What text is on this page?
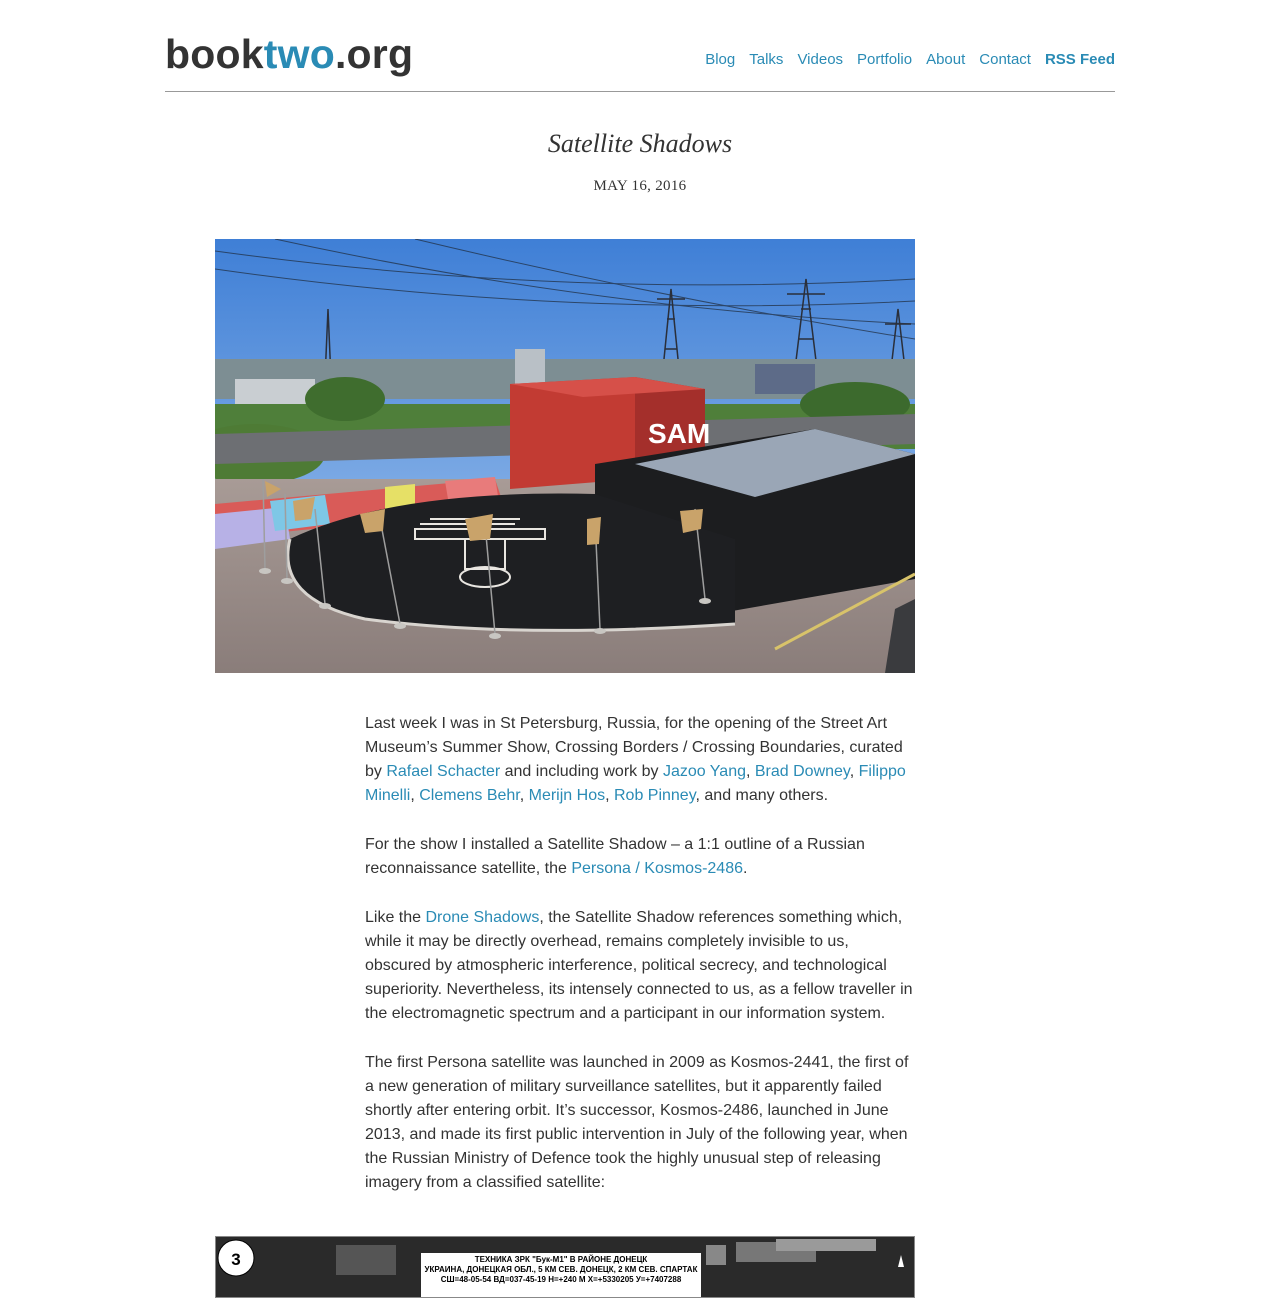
booktwo.org	Blog Talks Videos Portfolio About Contact RSS Feed
Satellite Shadows
MAY 16, 2016
SAM

Last week I was in St Petersburg, Russia, for the opening of the Street Art Museum’s Summer Show, Crossing Borders / Crossing Boundaries, curated by Rafael Schacter and including work by Jazoo Yang, Brad Downey, Filippo Minelli, Clemens Behr, Merijn Hos, Rob Pinney, and many others.

For the show I installed a Satellite Shadow – a 1:1 outline of a Russian reconnaissance satellite, the Persona / Kosmos-2486.

Like the Drone Shadows, the Satellite Shadow references something which, while it may be directly overhead, remains completely invisible to us, obscured by atmospheric interference, political secrecy, and technological superiority. Nevertheless, its intensely connected to us, as a fellow traveller in the electromagnetic spectrum and a participant in our information system.

The first Persona satellite was launched in 2009 as Kosmos-2441, the first of a new generation of military surveillance satellites, but it apparently failed shortly after entering orbit. It’s successor, Kosmos-2486, launched in June 2013, and made its first public intervention in July of the following year, when the Russian Ministry of Defence took the highly unusual step of releasing imagery from a classified satellite:

3	ТЕХНИКА ЗРК "Бук-М1" В РАЙОНЕ ДОНЕЦК
УКРАИНА, ДОНЕЦКАЯ ОБЛ., 5 КМ СЕВ. ДОНЕЦК, 2 КМ СЕВ. СПАРТАК
СШ=48-05-54 ВД=037-45-19 Н=+240 М Х=+5330205 У=+7407288
